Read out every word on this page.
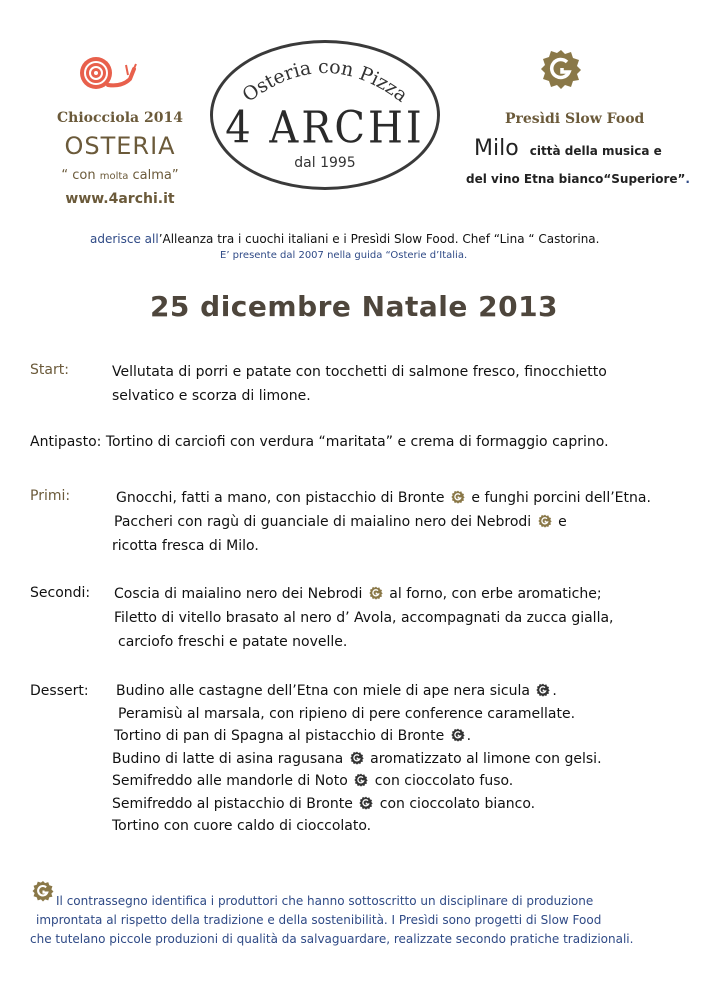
Chiocciola 2014
OSTERIA
“ con molta calma”
www.4archi.it
Osteria con Pizza
4 ARCHI
dal 1995
Presìdi Slow Food
Milo città della musica e
del vino Etna bianco“Superiore”.
aderisce all’Alleanza tra i cuochi italiani e i Presìdi Slow Food. Chef “Lina “ Castorina.
E’ presente dal 2007 nella guida “Osterie d’Italia.
25 dicembre Natale 2013
Start:	Vellutata di porri e patate con tocchetti di salmone fresco, finocchietto
selvatico e scorza di limone.
Antipasto: Tortino di carciofi con verdura “maritata” e crema di formaggio caprino.
Primi:	Gnocchi, fatti a mano, con pistacchio di Bronte e funghi porcini dell’Etna.
Paccheri con ragù di guanciale di maialino nero dei Nebrodi e
ricotta fresca di Milo.
Secondi: Coscia di maialino nero dei Nebrodi al forno, con erbe aromatiche;
Filetto di vitello brasato al nero d’ Avola, accompagnati da zucca gialla,
carciofo freschi e patate novelle.
Dessert: Budino alle castagne dell’Etna con miele di ape nera sicula .
Peramisù al marsala, con ripieno di pere conference caramellate.
Tortino di pan di Spagna al pistacchio di Bronte .
Budino di latte di asina ragusana aromatizzato al limone con gelsi.
Semifreddo alle mandorle di Noto con cioccolato fuso.
Semifreddo al pistacchio di Bronte con cioccolato bianco.
Tortino con cuore caldo di cioccolato.
Il contrassegno identifica i produttori che hanno sottoscritto un disciplinare di produzione
improntata al rispetto della tradizione e della sostenibilità. I Presìdi sono progetti di Slow Food
che tutelano piccole produzioni di qualità da salvaguardare, realizzate secondo pratiche tradizionali.
